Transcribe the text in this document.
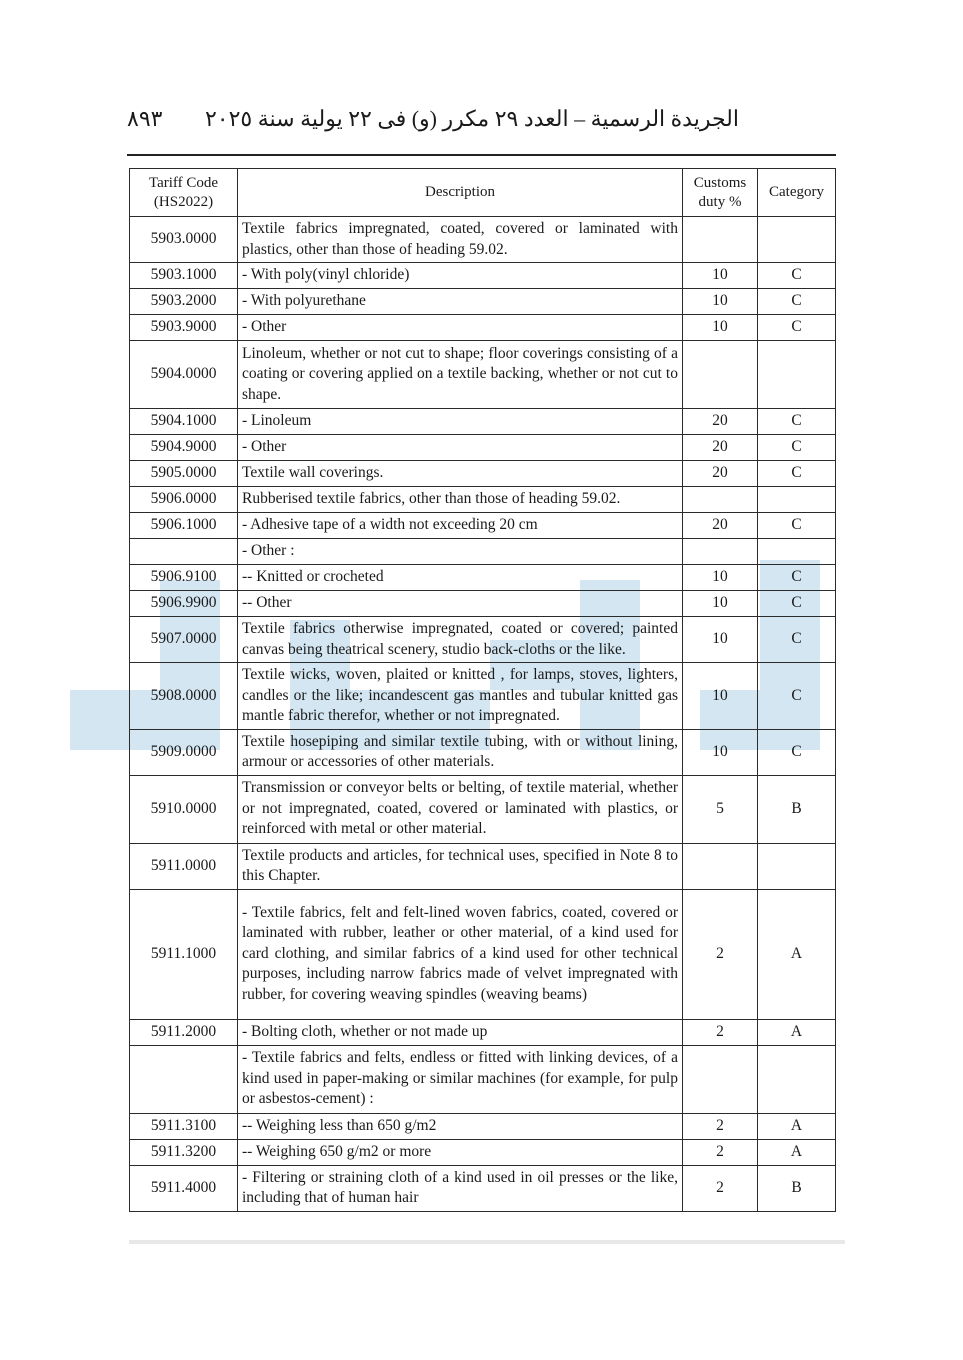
٨٩٣ الجريدة الرسمية – العدد ٢٩ مكرر (و) فى ٢٢ يولية سنة ٢٠٢٥
Tariff Code (HS2022)	Description	Customs duty %	Category
5903.0000	Textile fabrics impregnated, coated, covered or laminated with plastics, other than those of heading 59.02.		
5903.1000	- With poly(vinyl chloride)	10	C
5903.2000	- With polyurethane	10	C
5903.9000	- Other	10	C
5904.0000	Linoleum, whether or not cut to shape; floor coverings consisting of a coating or covering applied on a textile backing, whether or not cut to shape.		
5904.1000	- Linoleum	20	C
5904.9000	- Other	20	C
5905.0000	Textile wall coverings.	20	C
5906.0000	Rubberised textile fabrics, other than those of heading 59.02.		
5906.1000	- Adhesive tape of a width not exceeding 20 cm	20	C
	- Other :		
5906.9100	-- Knitted or crocheted	10	C
5906.9900	-- Other	10	C
5907.0000	Textile fabrics otherwise impregnated, coated or covered; painted canvas being theatrical scenery, studio back-cloths or the like.	10	C
5908.0000	Textile wicks, woven, plaited or knitted , for lamps, stoves, lighters, candles or the like; incandescent gas mantles and tubular knitted gas mantle fabric therefor, whether or not impregnated.	10	C
5909.0000	Textile hosepiping and similar textile tubing, with or without lining, armour or accessories of other materials.	10	C
5910.0000	Transmission or conveyor belts or belting, of textile material, whether or not impregnated, coated, covered or laminated with plastics, or reinforced with metal or other material.	5	B
5911.0000	Textile products and articles, for technical uses, specified in Note 8 to this Chapter.		
5911.1000	- Textile fabrics, felt and felt-lined woven fabrics, coated, covered or laminated with rubber, leather or other material, of a kind used for card clothing, and similar fabrics of a kind used for other technical purposes, including narrow fabrics made of velvet impregnated with rubber, for covering weaving spindles (weaving beams)	2	A
5911.2000	- Bolting cloth, whether or not made up	2	A
	- Textile fabrics and felts, endless or fitted with linking devices, of a kind used in paper-making or similar machines (for example, for pulp or asbestos-cement) :		
5911.3100	-- Weighing less than 650 g/m2	2	A
5911.3200	-- Weighing 650 g/m2 or more	2	A
5911.4000	- Filtering or straining cloth of a kind used in oil presses or the like, including that of human hair	2	B
